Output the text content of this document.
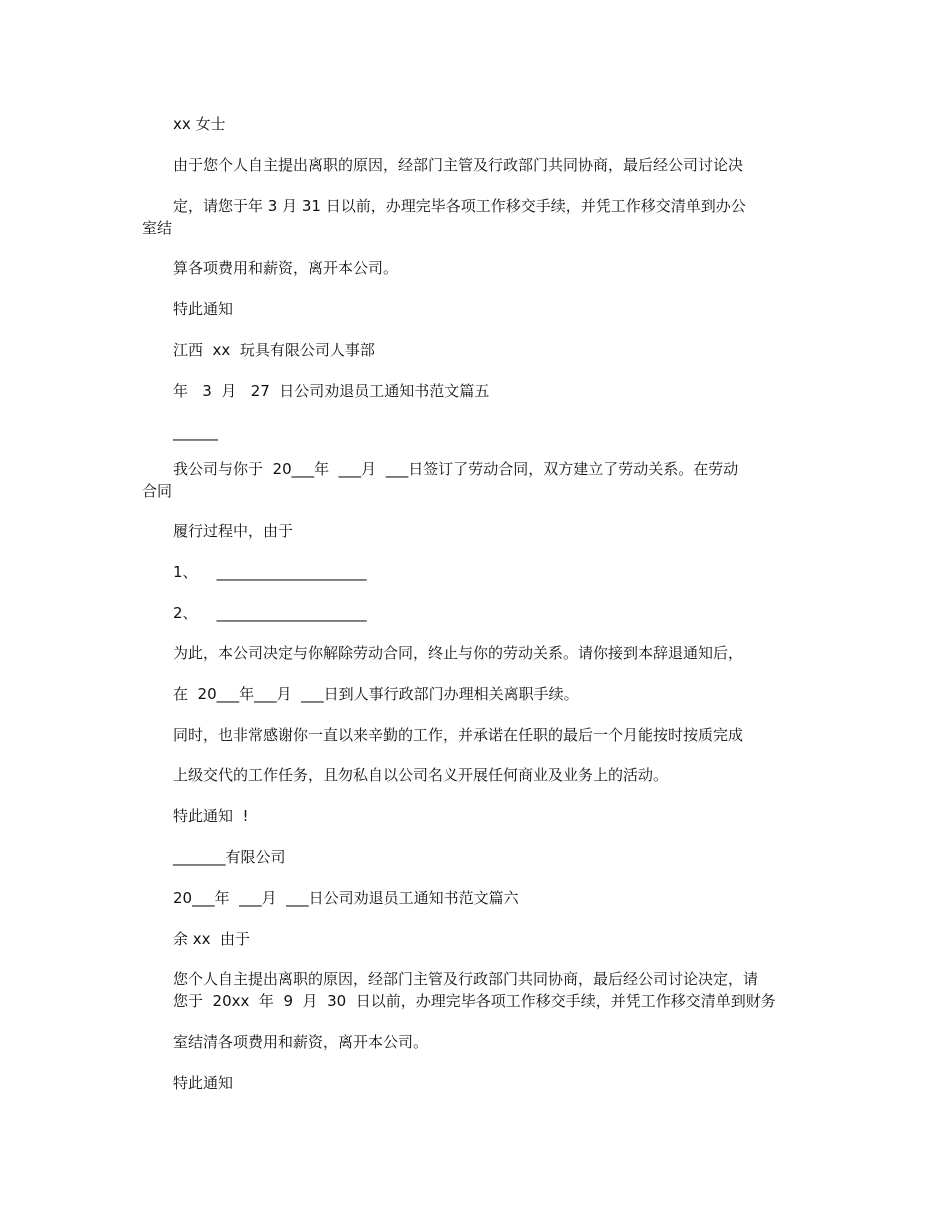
xx 女士
由于您个人自主提出离职的原因，经部门主管及行政部门共同协商，最后经公司讨论决
定，请您于年 3 月 31 日以前，办理完毕各项工作移交手续，并凭工作移交清单到办公
室结
算各项费用和薪资，离开本公司。
特此通知
江西  xx  玩具有限公司人事部
年   3  月   27  日公司劝退员工通知书范文篇五
______
我公司与你于  20___年  ___月  ___日签订了劳动合同，双方建立了劳动关系。在劳动
合同
履行过程中，由于
1、    ____________________
2、    ____________________
为此，本公司决定与你解除劳动合同，终止与你的劳动关系。请你接到本辞退通知后，
在  20___年___月  ___日到人事行政部门办理相关离职手续。
同时，也非常感谢你一直以来辛勤的工作，并承诺在任职的最后一个月能按时按质完成
上级交代的工作任务，且勿私自以公司名义开展任何商业及业务上的活动。
特此通知  !
_______有限公司
20___年  ___月  ___日公司劝退员工通知书范文篇六
余 xx  由于
您个人自主提出离职的原因，经部门主管及行政部门共同协商，最后经公司讨论决定，请
您于  20xx  年  9  月  30  日以前，办理完毕各项工作移交手续，并凭工作移交清单到财务
室结清各项费用和薪资，离开本公司。
特此通知
